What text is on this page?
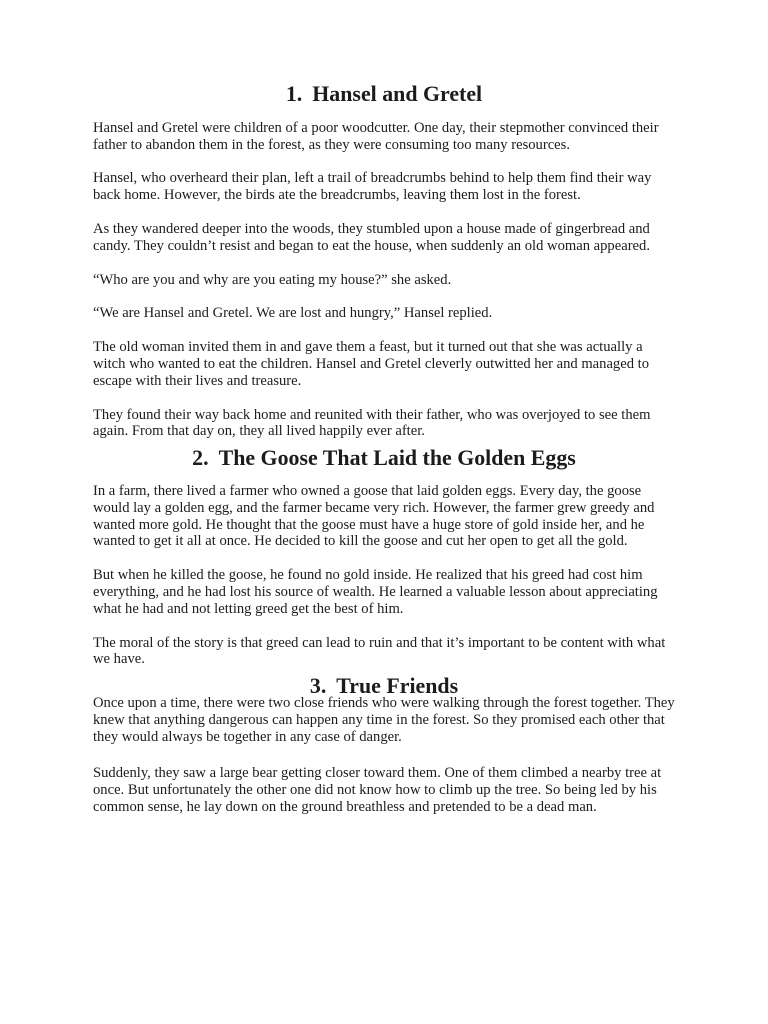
1. Hansel and Gretel

Hansel and Gretel were children of a poor woodcutter. One day, their stepmother convinced their father to abandon them in the forest, as they were consuming too many resources.

Hansel, who overheard their plan, left a trail of breadcrumbs behind to help them find their way back home. However, the birds ate the breadcrumbs, leaving them lost in the forest.

As they wandered deeper into the woods, they stumbled upon a house made of gingerbread and candy. They couldn’t resist and began to eat the house, when suddenly an old woman appeared.

“Who are you and why are you eating my house?” she asked.

“We are Hansel and Gretel. We are lost and hungry,” Hansel replied.

The old woman invited them in and gave them a feast, but it turned out that she was actually a witch who wanted to eat the children. Hansel and Gretel cleverly outwitted her and managed to escape with their lives and treasure.

They found their way back home and reunited with their father, who was overjoyed to see them again. From that day on, they all lived happily ever after.

2. The Goose That Laid the Golden Eggs

In a farm, there lived a farmer who owned a goose that laid golden eggs. Every day, the goose would lay a golden egg, and the farmer became very rich. However, the farmer grew greedy and wanted more gold. He thought that the goose must have a huge store of gold inside her, and he wanted to get it all at once. He decided to kill the goose and cut her open to get all the gold.

But when he killed the goose, he found no gold inside. He realized that his greed had cost him everything, and he had lost his source of wealth. He learned a valuable lesson about appreciating what he had and not letting greed get the best of him.

The moral of the story is that greed can lead to ruin and that it’s important to be content with what we have.

3. True Friends

Once upon a time, there were two close friends who were walking through the forest together. They knew that anything dangerous can happen any time in the forest. So they promised each other that they would always be together in any case of danger.

Suddenly, they saw a large bear getting closer toward them. One of them climbed a nearby tree at once. But unfortunately the other one did not know how to climb up the tree. So being led by his common sense, he lay down on the ground breathless and pretended to be a dead man.
